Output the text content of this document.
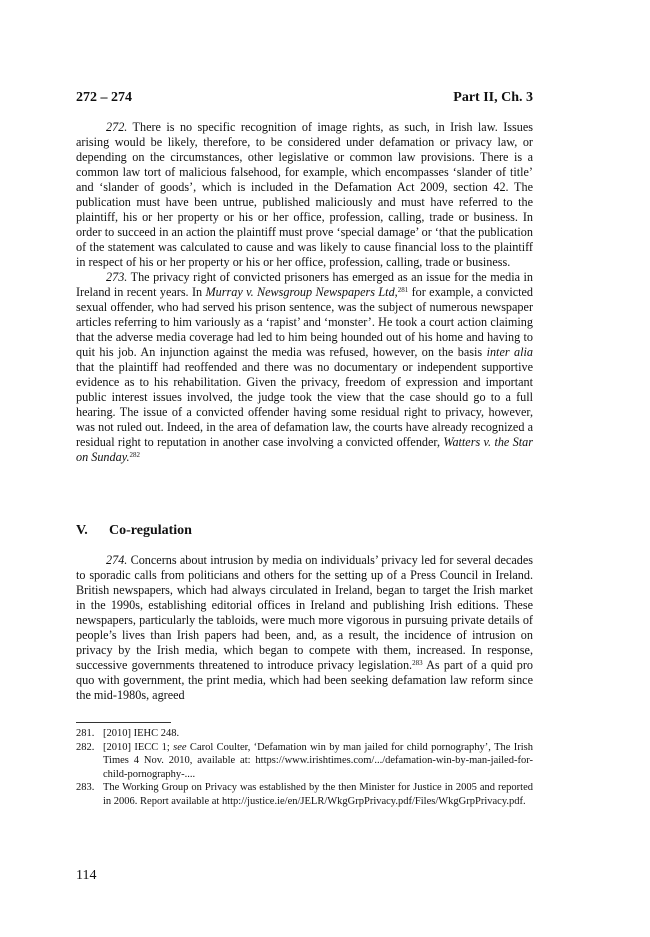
272 – 274	Part II, Ch. 3

272. There is no specific recognition of image rights, as such, in Irish law. Issues arising would be likely, therefore, to be considered under defamation or privacy law, or depending on the circumstances, other legislative or common law provisions. There is a common law tort of malicious falsehood, for example, which encompasses ‘slander of title’ and ‘slander of goods’, which is included in the Defamation Act 2009, section 42. The publication must have been untrue, published maliciously and must have referred to the plaintiff, his or her property or his or her office, profession, calling, trade or business. In order to succeed in an action the plaintiff must prove ‘special damage’ or ‘that the publication of the statement was calculated to cause and was likely to cause financial loss to the plaintiff in respect of his or her property or his or her office, profession, calling, trade or business.

273. The privacy right of convicted prisoners has emerged as an issue for the media in Ireland in recent years. In Murray v. Newsgroup Newspapers Ltd,$^{281}$ for example, a convicted sexual offender, who had served his prison sentence, was the subject of numerous newspaper articles referring to him variously as a ‘rapist’ and ‘monster’. He took a court action claiming that the adverse media coverage had led to him being hounded out of his home and having to quit his job. An injunction against the media was refused, however, on the basis inter alia that the plaintiff had reoffended and there was no documentary or independent supportive evidence as to his rehabilitation. Given the privacy, freedom of expression and important public interest issues involved, the judge took the view that the case should go to a full hearing. The issue of a convicted offender having some residual right to privacy, however, was not ruled out. Indeed, in the area of defamation law, the courts have already recognized a residual right to reputation in another case involving a convicted offender, Watters v. the Star on Sunday.$^{282}$

V. Co-regulation

274. Concerns about intrusion by media on individuals’ privacy led for several decades to sporadic calls from politicians and others for the setting up of a Press Council in Ireland. British newspapers, which had always circulated in Ireland, began to target the Irish market in the 1990s, establishing editorial offices in Ireland and publishing Irish editions. These newspapers, particularly the tabloids, were much more vigorous in pursuing private details of people’s lives than Irish papers had been, and, as a result, the incidence of intrusion on privacy by the Irish media, which began to compete with them, increased. In response, successive governments threatened to introduce privacy legislation.$^{283}$ As part of a quid pro quo with government, the print media, which had been seeking defamation law reform since the mid-1980s, agreed

281. [2010] IEHC 248.
282. [2010] IECC 1; see Carol Coulter, ‘Defamation win by man jailed for child pornography’, The Irish Times 4 Nov. 2010, available at: https://www.irishtimes.com/.../defamation-win-by-man-jailed-for-child-pornography-....
283. The Working Group on Privacy was established by the then Minister for Justice in 2005 and reported in 2006. Report available at http://justice.ie/en/JELR/WkgGrpPrivacy.pdf/Files/WkgGrpPrivacy.pdf.
114
